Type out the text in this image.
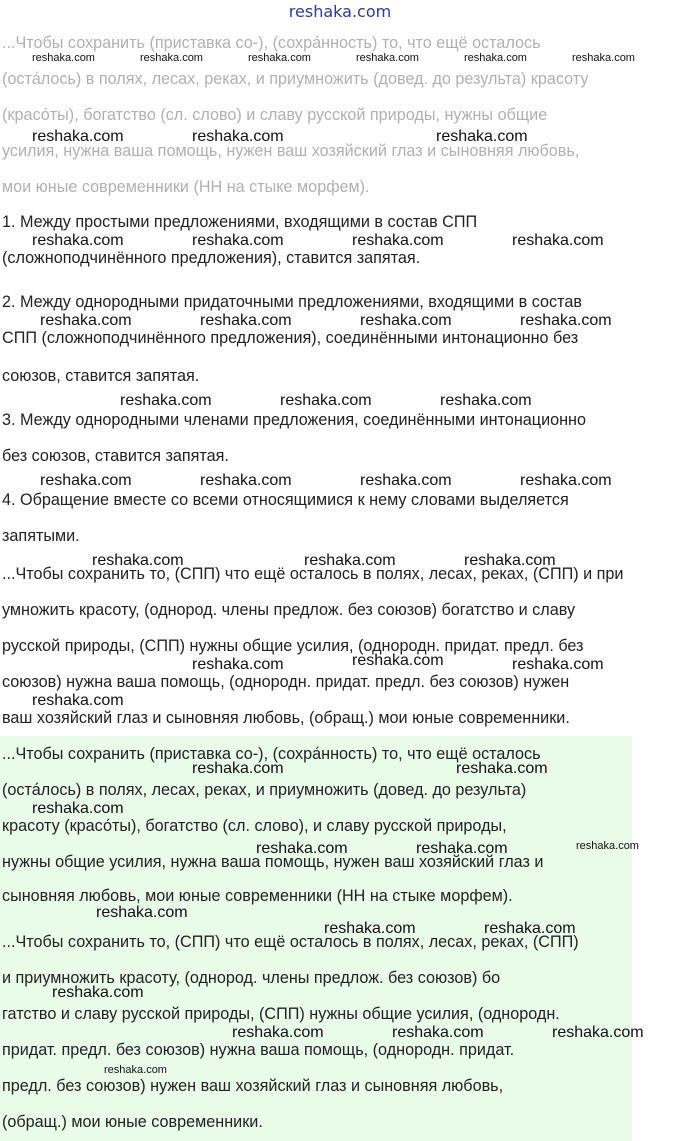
reshaka.com
...Чтобы сохранить (приставка со-), (сохра́нность) то, что ещё осталось
(оста́лось) в полях, лесах, реках, и приумножить (довед. до результа) красоту
(красо́ты), богатство (сл. слово) и славу русской природы, нужны общие
усилия, нужна ваша помощь, нужен ваш хозяйский глаз и сыновняя любовь,
мои юные современники (НН на стыке морфем).
1. Между простыми предложениями, входящими в состав СПП
(сложноподчинённого предложения), ставится запятая.
2. Между однородными придаточными предложениями, входящими в состав
СПП (сложноподчинённого предложения), соединёнными интонационно без
союзов, ставится запятая.
3. Между однородными членами предложения, соединёнными интонационно
без союзов, ставится запятая.
4. Обращение вместе со всеми относящимися к нему словами выделяется
запятыми.
...Чтобы сохранить то, (СПП) что ещё осталось в полях, лесах, реках, (СПП) и при
умножить красоту, (однород. члены предлож. без союзов) богатство и славу
русской природы, (СПП) нужны общие усилия, (однородн. придат. предл. без
союзов) нужна ваша помощь, (однородн. придат. предл. без союзов) нужен
ваш хозяйский глаз и сыновняя любовь, (обращ.) мои юные современники.
...Чтобы сохранить (приставка со-), (сохра́нность) то, что ещё осталось
(оста́лось) в полях, лесах, реках, и приумножить (довед. до результа)
красоту (красо́ты), богатство (сл. слово), и славу русской природы,
нужны общие усилия, нужна ваша помощь, нужен ваш хозяйский глаз и
сыновняя любовь, мои юные современники (НН на стыке морфем).
...Чтобы сохранить то, (СПП) что ещё осталось в полях, лесах, реках, (СПП)
и приумножить красоту, (однород. члены предлож. без союзов) бо
гатство и славу русской природы, (СПП) нужны общие усилия, (однородн.
придат. предл. без союзов) нужна ваша помощь, (однородн. придат.
предл. без союзов) нужен ваш хозяйский глаз и сыновняя любовь,
(обращ.) мои юные современники.
reshaka.com	reshaka.com	reshaka.com	reshaka.com	reshaka.com	reshaka.com
reshaka.com	reshaka.com	reshaka.com
reshaka.com	reshaka.com	reshaka.com	reshaka.com
reshaka.com	reshaka.com	reshaka.com	reshaka.com
reshaka.com	reshaka.com	reshaka.com
reshaka.com	reshaka.com	reshaka.com	reshaka.com
reshaka.com	reshaka.com	reshaka.com
reshaka.com	reshaka.com	reshaka.com
reshaka.com
reshaka.com	reshaka.com
reshaka.com
reshaka.com	reshaka.com	reshaka.com
reshaka.com
reshaka.com	reshaka.com
reshaka.com
reshaka.com	reshaka.com	reshaka.com
reshaka.com
